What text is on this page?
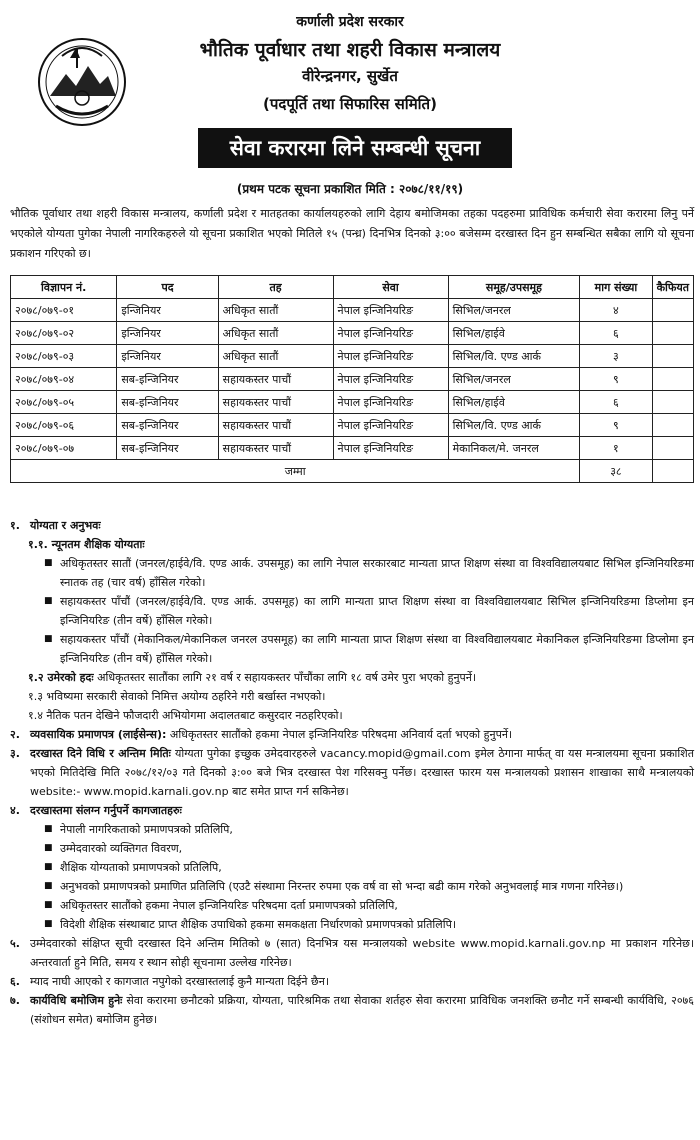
कर्णाली प्रदेश सरकार
भौतिक पूर्वाधार तथा शहरी विकास मन्त्रालय
वीरेन्द्रनगर, सुर्खेत
(पदपूर्ति तथा सिफारिस समिति)
सेवा करारमा लिने सम्बन्धी सूचना
(प्रथम पटक सूचना प्रकाशित मिति : २०७८/११/१९)
भौतिक पूर्वाधार तथा शहरी विकास मन्त्रालय, कर्णाली प्रदेश र मातहतका कार्यालयहरुको लागि देहाय बमोजिमका तहका पदहरुमा प्राविधिक कर्मचारी सेवा करारमा लिनु पर्ने भएकोले योग्यता पुगेका नेपाली नागरिकहरुले यो सूचना प्रकाशित भएको मितिले १५ (पन्ध्र) दिनभित्र दिनको ३:०० बजेसम्म दरखास्त दिन हुन सम्बन्धित सबैका लागि यो सूचना प्रकाशन गरिएको छ।
विज्ञापन नं.	पद	तह	सेवा	समूह/उपसमूह	माग संख्या	कैफियत
२०७८/०७९-०१	इन्जिनियर	अधिकृत सातौं	नेपाल इन्जिनियरिङ	सिभिल/जनरल	४	
२०७८/०७९-०२	इन्जिनियर	अधिकृत सातौं	नेपाल इन्जिनियरिङ	सिभिल/हाईवे	६	
२०७८/०७९-०३	इन्जिनियर	अधिकृत सातौं	नेपाल इन्जिनियरिङ	सिभिल/वि. एण्ड आर्क	३	
२०७८/०७९-०४	सब-इन्जिनियर	सहायकस्तर पाचौं	नेपाल इन्जिनियरिङ	सिभिल/जनरल	९	
२०७८/०७९-०५	सब-इन्जिनियर	सहायकस्तर पाचौं	नेपाल इन्जिनियरिङ	सिभिल/हाईवे	६	
२०७८/०७९-०६	सब-इन्जिनियर	सहायकस्तर पाचौं	नेपाल इन्जिनियरिङ	सिभिल/वि. एण्ड आर्क	९	
२०७८/०७९-०७	सब-इन्जिनियर	सहायकस्तर पाचौं	नेपाल इन्जिनियरिङ	मेकानिकल/मे. जनरल	१	
जम्मा					३८	
१. योग्यता र अनुभवः
१.१. न्यूनतम शैक्षिक योग्यताः
■ अधिकृतस्तर सातौं (जनरल/हाईवे/वि. एण्ड आर्क. उपसमूह) का लागि नेपाल सरकारबाट मान्यता प्राप्त शिक्षण संस्था वा विश्वविद्यालयबाट सिभिल इन्जिनियरिङमा स्नातक तह (चार वर्ष) हाँसिल गरेको।
■ सहायकस्तर पाँचौं (जनरल/हाईवे/वि. एण्ड आर्क. उपसमूह) का लागि मान्यता प्राप्त शिक्षण संस्था वा विश्वविद्यालयबाट सिभिल इन्जिनियरिङमा डिप्लोमा इन इन्जिनियरिङ (तीन वर्षे) हाँसिल गरेको।
■ सहायकस्तर पाँचौं (मेकानिकल/मेकानिकल जनरल उपसमूह) का लागि मान्यता प्राप्त शिक्षण संस्था वा विश्वविद्यालयबाट मेकानिकल इन्जिनियरिङमा डिप्लोमा इन इन्जिनियरिङ (तीन वर्षे) हाँसिल गरेको।
१.२ उमेरको हदः अधिकृतस्तर सातौंका लागि २१ वर्ष र सहायकस्तर पाँचौंका लागि १८ वर्ष उमेर पुरा भएको हुनुपर्ने।
१.३ भविष्यमा सरकारी सेवाको निमित्त अयोग्य ठहरिने गरी बर्खास्त नभएको।
१.४ नैतिक पतन देखिने फौजदारी अभियोगमा अदालतबाट कसुरदार नठहरिएको।
२. व्यवसायिक प्रमाणपत्र (लाईसेन्स): अधिकृतस्तर सातौंको हकमा नेपाल इन्जिनियरिङ परिषदमा अनिवार्य दर्ता भएको हुनुपर्ने।
३. दरखास्त दिने विधि र अन्तिम मितिः योग्यता पुगेका इच्छुक उमेदवारहरुले vacancy.mopid@gmail.com इमेल ठेगाना मार्फत् वा यस मन्त्रालयमा सूचना प्रकाशित भएको मितिदेखि मिति २०७८/१२/०३ गते दिनको ३:०० बजे भित्र दरखास्त पेश गरिसक्नु पर्नेछ। दरखास्त फारम यस मन्त्रालयको प्रशासन शाखाका साथै मन्त्रालयको website:- www.mopid.karnali.gov.np बाट समेत प्राप्त गर्न सकिनेछ।
४. दरखास्तमा संलग्न गर्नुपर्ने कागजातहरुः
■ नेपाली नागरिकताको प्रमाणपत्रको प्रतिलिपि,
■ उम्मेदवारको व्यक्तिगत विवरण,
■ शैक्षिक योग्यताको प्रमाणपत्रको प्रतिलिपि,
■ अनुभवको प्रमाणपत्रको प्रमाणित प्रतिलिपि (एउटै संस्थामा निरन्तर रुपमा एक वर्ष वा सो भन्दा बढी काम गरेको अनुभवलाई मात्र गणना गरिनेछ।)
■ अधिकृतस्तर सातौंको हकमा नेपाल इन्जिनियरिङ परिषदमा दर्ता प्रमाणपत्रको प्रतिलिपि,
■ विदेशी शैक्षिक संस्थाबाट प्राप्त शैक्षिक उपाधिको हकमा समकक्षता निर्धारणको प्रमाणपत्रको प्रतिलिपि।
५. उम्मेदवारको संक्षिप्त सूची दरखास्त दिने अन्तिम मितिको ७ (सात) दिनभित्र यस मन्त्रालयको website www.mopid.karnali.gov.np मा प्रकाशन गरिनेछ। अन्तरवार्ता हुने मिति, समय र स्थान सोही सूचनामा उल्लेख गरिनेछ।
६. म्याद नाघी आएको र कागजात नपुगेको दरखास्तलाई कुनै मान्यता दिईने छैन।
७. कार्यविधि बमोजिम हुनेः सेवा करारमा छनौटको प्रक्रिया, योग्यता, पारिश्रमिक तथा सेवाका शर्तहरु सेवा करारमा प्राविधिक जनशक्ति छनौट गर्ने सम्बन्धी कार्यविधि, २०७६ (संशोधन समेत) बमोजिम हुनेछ।
